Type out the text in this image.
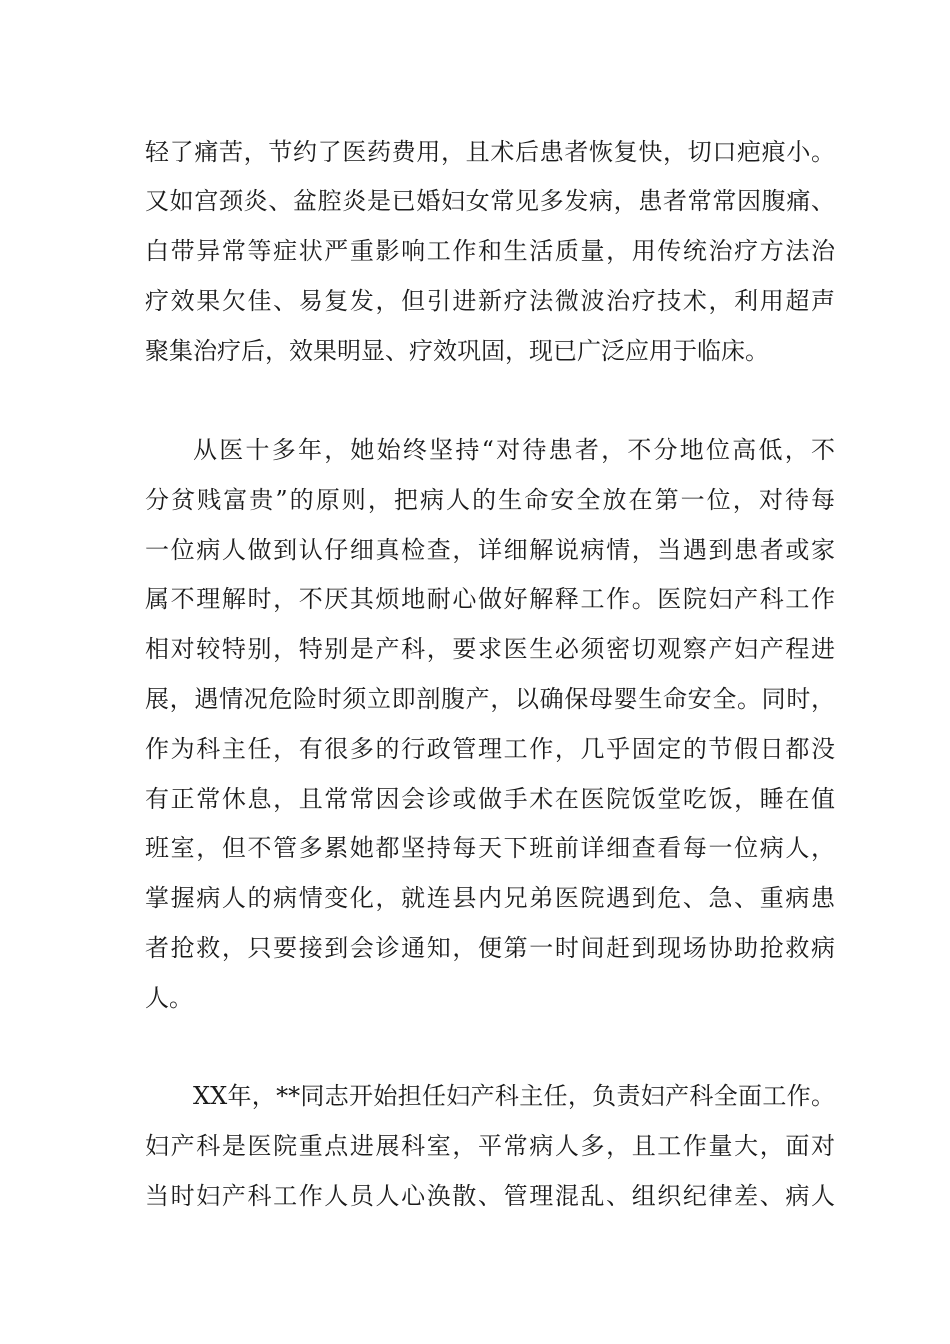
轻了痛苦，节约了医药费用，且术后患者恢复快，切口疤痕小。
又如宫颈炎、盆腔炎是已婚妇女常见多发病，患者常常因腹痛、
白带异常等症状严重影响工作和生活质量，用传统治疗方法治
疗效果欠佳、易复发，但引进新疗法微波治疗技术，利用超声
聚集治疗后，效果明显、疗效巩固，现已广泛应用于临床。
从医十多年，她始终坚持“对待患者，不分地位高低，不
分贫贱富贵”的原则，把病人的生命安全放在第一位，对待每
一位病人做到认仔细真检查，详细解说病情，当遇到患者或家
属不理解时，不厌其烦地耐心做好解释工作。医院妇产科工作
相对较特别，特别是产科，要求医生必须密切观察产妇产程进
展，遇情况危险时须立即剖腹产，以确保母婴生命安全。同时，
作为科主任，有很多的行政管理工作，几乎固定的节假日都没
有正常休息，且常常因会诊或做手术在医院饭堂吃饭，睡在值
班室，但不管多累她都坚持每天下班前详细查看每一位病人，
掌握病人的病情变化，就连县内兄弟医院遇到危、急、重病患
者抢救，只要接到会诊通知，便第一时间赶到现场协助抢救病
人。
XX年，**同志开始担任妇产科主任，负责妇产科全面工作。
妇产科是医院重点进展科室，平常病人多，且工作量大，面对
当时妇产科工作人员人心涣散、管理混乱、组织纪律差、病人
